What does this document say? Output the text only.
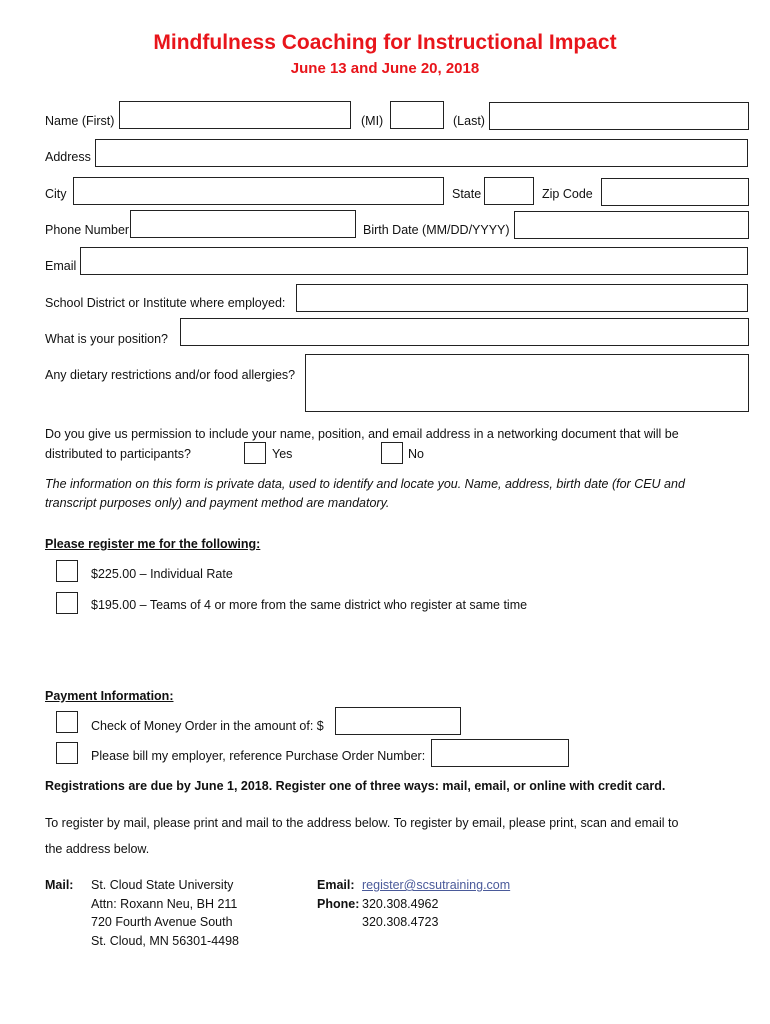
Mindfulness Coaching for Instructional Impact
June 13 and June 20, 2018
Name (First)	(MI)	(Last)
Address
City	State	Zip Code
Phone Number	Birth Date (MM/DD/YYYY)
Email
School District or Institute where employed:
What is your position?
Any dietary restrictions and/or food allergies?
Do you give us permission to include your name, position, and email address in a networking document that will be
distributed to participants?	Yes	No
The information on this form is private data, used to identify and locate you. Name, address, birth date (for CEU and
transcript purposes only) and payment method are mandatory.
Please register me for the following:
$225.00 – Individual Rate
$195.00 – Teams of 4 or more from the same district who register at same time
Payment Information:
Check of Money Order in the amount of: $
Please bill my employer, reference Purchase Order Number:
Registrations are due by June 1, 2018. Register one of three ways: mail, email, or online with credit card.
To register by mail, please print and mail to the address below. To register by email, please print, scan and email to
the address below.
Mail: St. Cloud State University
Attn: Roxann Neu, BH 211
720 Fourth Avenue South
St. Cloud, MN 56301-4498
Email: register@scsutraining.com
Phone: 320.308.4962
320.308.4723
